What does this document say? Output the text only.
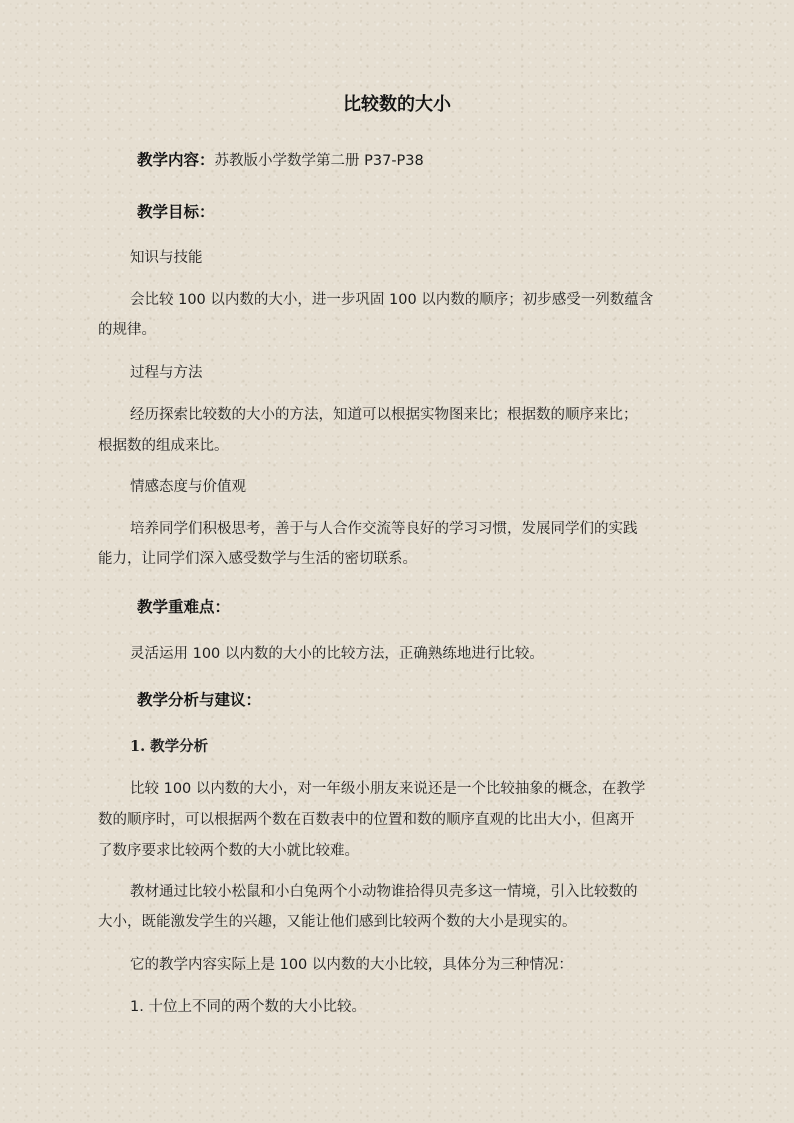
比较数的大小
教学内容：苏教版小学数学第二册 P37-P38
教学目标：
知识与技能
会比较 100 以内数的大小，进一步巩固 100 以内数的顺序；初步感受一列数蕴含
的规律。
过程与方法
经历探索比较数的大小的方法，知道可以根据实物图来比；根据数的顺序来比；
根据数的组成来比。
情感态度与价值观
培养同学们积极思考，善于与人合作交流等良好的学习习惯，发展同学们的实践
能力，让同学们深入感受数学与生活的密切联系。
教学重难点：
灵活运用 100 以内数的大小的比较方法，正确熟练地进行比较。
教学分析与建议：
1. 教学分析
比较 100 以内数的大小，对一年级小朋友来说还是一个比较抽象的概念，在教学
数的顺序时，可以根据两个数在百数表中的位置和数的顺序直观的比出大小，但离开
了数序要求比较两个数的大小就比较难。
教材通过比较小松鼠和小白兔两个小动物谁拾得贝壳多这一情境，引入比较数的
大小，既能激发学生的兴趣，又能让他们感到比较两个数的大小是现实的。
它的教学内容实际上是 100 以内数的大小比较，具体分为三种情况：
1. 十位上不同的两个数的大小比较。
